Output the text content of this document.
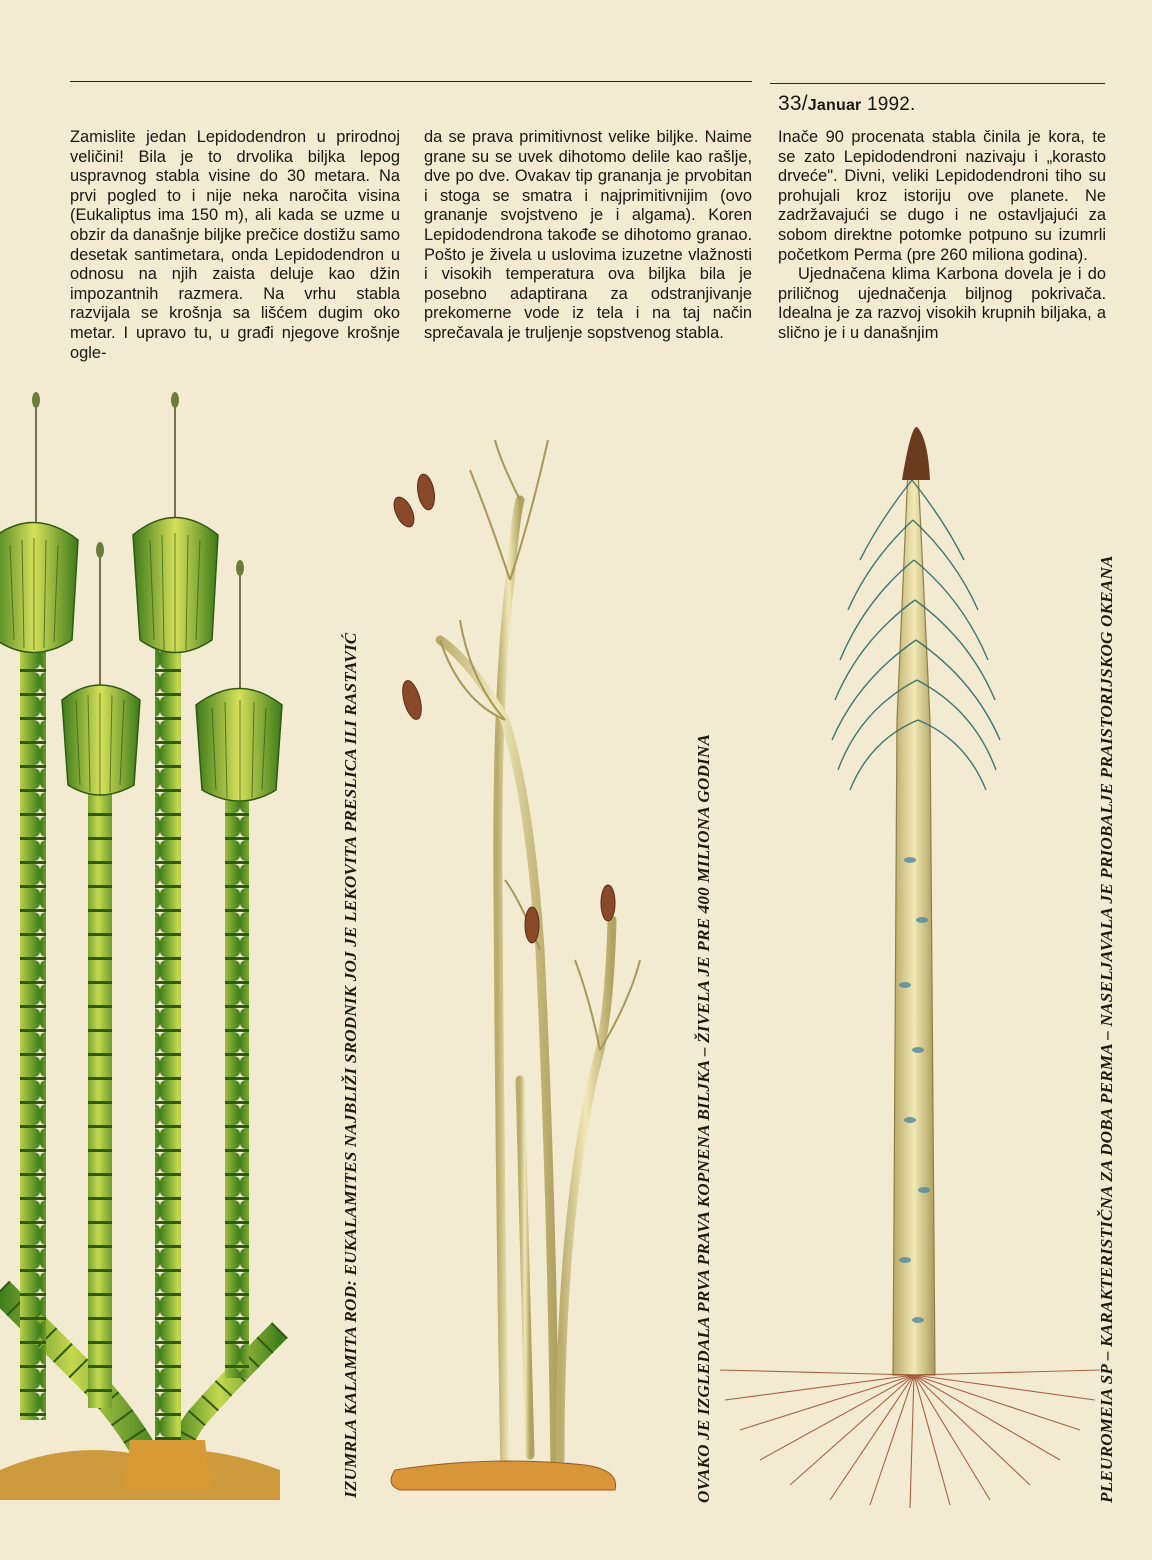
33/Januar 1992.

Zamislite jedan Lepidodendron u prirodnoj veličini! Bila je to drvolika biljka lepog uspravnog stabla visine do 30 metara. Na prvi pogled to i nije neka naročita visina (Eukaliptus ima 150 m), ali kada se uzme u obzir da današnje biljke prečice dostižu samo desetak santimetara, onda Lepidodendron u odnosu na njih zaista deluje kao džin impozantnih razmera. Na vrhu stabla razvijala se krošnja sa lišćem dugim oko metar. I upravo tu, u građi njegove krošnje ogle-

da se prava primitivnost velike biljke. Naime grane su se uvek dihotomo delile kao rašlje, dve po dve. Ovakav tip grananja je prvobitan i stoga se smatra i najprimitivnijim (ovo grananje svojstveno je i algama). Koren Lepidodendrona takođe se dihotomo granao. Pošto je živela u uslovima izuzetne vlažnosti i visokih temperatura ova biljka bila je posebno adaptirana za odstranjivanje prekomerne vode iz tela i na taj način sprečavala je truljenje sopstvenog stabla.

Inače 90 procenata stabla činila je kora, te se zato Lepidodendroni nazivaju i „korasto drveće". Divni, veliki Lepidodendroni tiho su prohujali kroz istoriju ove planete. Ne zadržavajući se dugo i ne ostavljajući za sobom direktne potomke potpuno su izumrli početkom Perma (pre 260 miliona godina).

Ujednačena klima Karbona dovela je i do priličnog ujednačenja biljnog pokrivača. Idealna je za razvoj visokih krupnih biljaka, a slično je i u današnjim

IZUMRLA KALAMITA ROD: EUKALAMITES NAJBLIŽI SRODNIK JOJ JE LEKOVITA PRESLICA ILI RASTAVIĆ	OVAKO JE IZGLEDALA PRVA PRAVA KOPNENA BILJKA – ŽIVELA JE PRE 400 MILIONA GODINA	PLEUROMEIA SP – KARAKTERISTIČNA ZA DOBA PERMA – NASELJAVALA JE PRIOBALJE PRAISTORIJSKOG OKEANA
